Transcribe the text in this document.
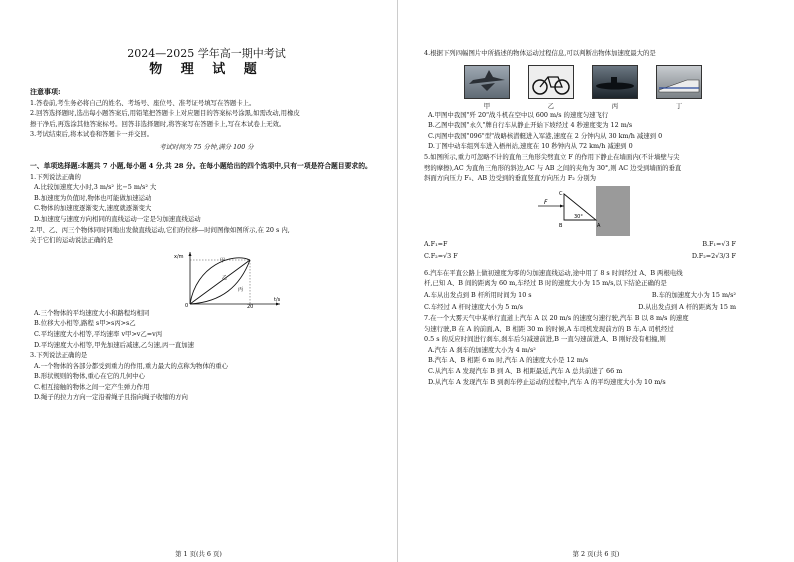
2024—2025 学年高一期中考试
物 理 试 题
注意事项:
1.答卷前,考生务必将自己的姓名、考场号、座位号、准考证号填写在答题卡上。
2.回答选择题时,选出每小题答案后,用铅笔把答题卡上对应题目的答案标号涂黑,如需改动,用橡皮
擦干净后,再选涂其他答案标号。回答非选择题时,将答案写在答题卡上,写在本试卷上无效。
3.考试结束后,将本试卷和答题卡一并交回。
考试时间为 75 分钟,满分 100 分
一、单项选择题:本题共 7 小题,每小题 4 分,共 28 分。在每小题给出的四个选项中,只有一项是符合题目要求的。
1.下列说法正确的
A.比较加速度大小时,3 m/s² 比−5 m/s² 大
B.加速度为负值时,物体也可能做加速运动
C.物体的加速度逐渐变大,速度就逐渐变大
D.加速度与速度方向相同的直线运动一定是匀加速直线运动
2.甲、乙、丙三个物体同时同地出发做直线运动,它们的位移—时间图像如图所示,在 20 s 内,
关于它们的运动说法正确的是
x/m
t/s
0	20
甲
乙
丙
A.三个物体的平均速度大小和路程均相同
B.位移大小相等,路程 s甲>s丙>s乙
C.平均速度大小相等,平均速率 v甲>v乙=v丙
D.平均速度大小相等,甲先加速后减速,乙匀速,丙一直加速
3.下列说法正确的是
A.一个物体的各部分都受到重力的作用,重力最大的点称为物体的重心
B.形状规则的物体,重心在它的几何中心
C.相互接触的物体之间一定产生弹力作用
D.绳子的拉力方向一定沿着绳子且指向绳子收缩的方向
第 1 页(共 6 页)
4.根据下列四幅图片中所描述的物体运动过程信息,可以判断出物体加速度最大的是
甲	乙	丙	丁
A.甲图中我国"歼 20"战斗机在空中以 600 m/s 的速度匀速飞行
B.乙图中我国"永久"牌自行车从静止开始下坡经过 4 秒速度变为 12 m/s
C.丙图中我国"096"型"战略核潜艇进入军港,速度在 2 分钟内从 30 km/h 减速到 0
D.丁图中动车组列车进入梧州站,速度在 10 秒钟内从 72 km/h 减速到 0
5.如图所示,重力可忽略不计的直角三角形尖劈直立 F 的作用下静止在墙面内(不计墙壁与尖
劈的摩擦),AC 为直角三角形的斜边,AC 与 AB 之间的夹角为 30°,则 AC 边受到墙面的垂直
斜面方向压力 F₁、AB 边受到的垂直竖直方向压力 F₂ 分别为
F
30°
C
A
B
A.F₁=F	B.F₁=√3 F
C.F₂=√3 F	D.F₂=2√3/3 F
6.汽车在平直公路上做初速度为零的匀加速直线运动,途中用了 8 s 时间经过 A、B 两根电线
杆,已知 A、B 间的距离为 60 m,车经过 B 时的速度大小为 15 m/s,以下结论正确的是
A.车从出发点到 B 杆所用时间为 10 s	B.车的加速度大小为 15 m/s²
C.车经过 A 杆时速度大小为 5 m/s	D.从出发点到 A 杆的距离为 15 m
7.在一个大雾天气中某单行直道上汽车 A 以 20 m/s 的速度匀速行驶,汽车 B 以 8 m/s 的速度
匀速行驶,B 在 A 的前面,A、B 相距 30 m 的时候,A 车司机发现前方的 B 车,A 司机经过
0.5 s 的反应时间进行刹车,刹车后匀减速前进,B 一直匀速前进,A、B 刚好没有相撞,则
A.汽车 A 刹车的加速度大小为 4 m/s²
B.汽车 A、B 相距 6 m 时,汽车 A 的速度大小是 12 m/s
C.从汽车 A 发现汽车 B 到 A、B 相距最近,汽车 A 总共前进了 66 m
D.从汽车 A 发现汽车 B 到刹车停止运动的过程中,汽车 A 的平均速度大小为 10 m/s
第 2 页(共 6 页)
